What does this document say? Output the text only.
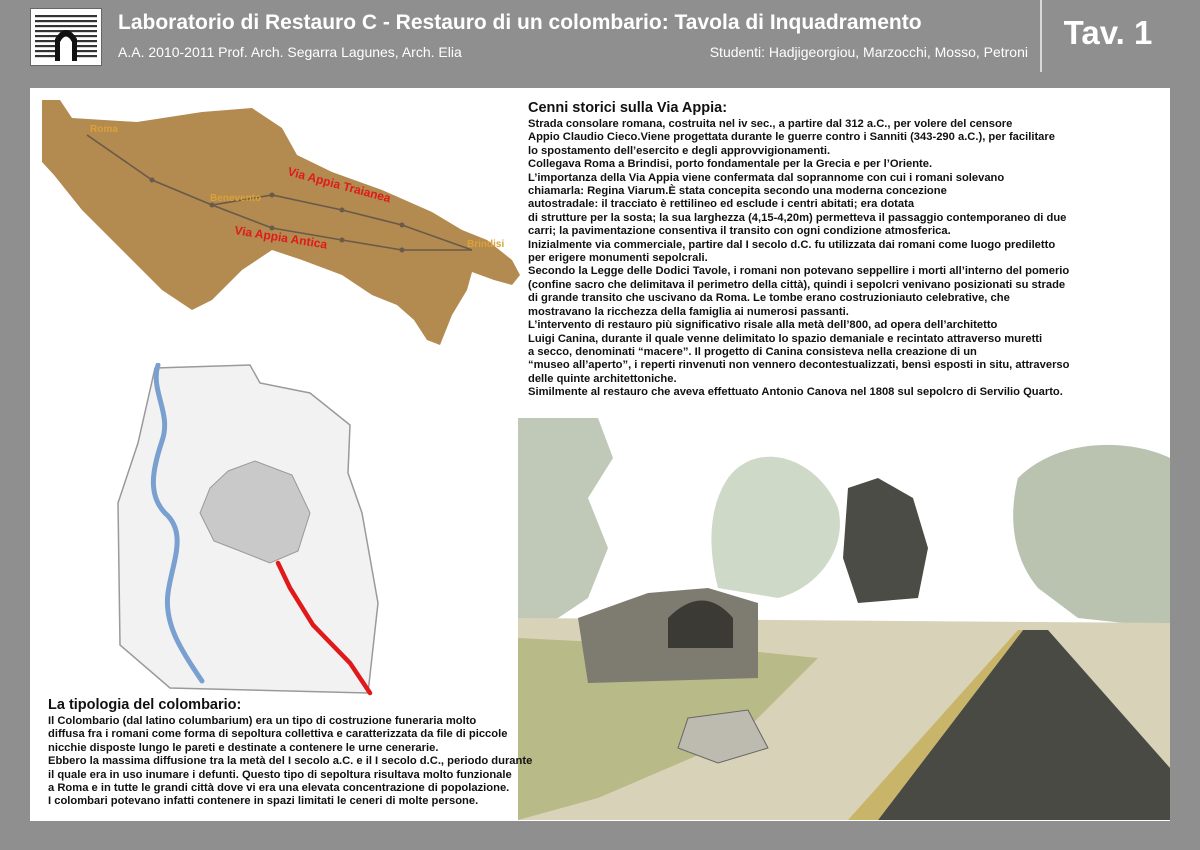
Laboratorio di Restauro C - Restauro di un colombario: Tavola di Inquadramento
A.A. 2010-2011 Prof. Arch. Segarra Lagunes, Arch. Elia	Studenti: Hadjigeorgiou, Marzocchi, Mosso, Petroni
Tav. 1
Roma
Benevento
Brindisi
Via Appia Traianea
Via Appia Antica
Cenni storici sulla Via Appia:

Strada consolare romana, costruita nel iv sec., a partire dal 312 a.C., per volere del censore

Appio Claudio Cieco.Viene progettata durante le guerre contro i Sanniti (343-290 a.C.), per facilitare

lo spostamento dell’esercito e degli approvvigionamenti.

Collegava Roma a Brindisi, porto fondamentale per la Grecia e per l’Oriente.

L’importanza della Via Appia viene confermata dal soprannome con cui i romani solevano

chiamarla: Regina Viarum.È stata concepita secondo una moderna concezione

autostradale: il tracciato è rettilineo ed esclude i centri abitati; era dotata

di strutture per la sosta; la sua larghezza (4,15-4,20m) permetteva il passaggio contemporaneo di due

carri; la pavimentazione consentiva il transito con ogni condizione atmosferica.

Inizialmente via commerciale, partire dal I secolo d.C. fu utilizzata dai romani come luogo prediletto

per erigere monumenti sepolcrali.

Secondo la Legge delle Dodici Tavole, i romani non potevano seppellire i morti all’interno del pomerio

(confine sacro che delimitava il perimetro della città), quindi i sepolcri venivano posizionati su strade

di grande transito che uscivano da Roma. Le tombe erano costruzioniauto celebrative, che

mostravano la ricchezza della famiglia ai numerosi passanti.

L’intervento di restauro più significativo risale alla metà dell’800, ad opera dell’architetto

Luigi Canina, durante il quale venne delimitato lo spazio demaniale e recintato attraverso muretti

a secco, denominati “macere”. Il progetto di Canina consisteva nella creazione di un

“museo all’aperto”, i reperti rinvenuti non vennero decontestualizzati, bensì esposti in situ, attraverso

delle quinte architettoniche.

Similmente al restauro che aveva effettuato Antonio Canova nel 1808 sul sepolcro di Servilio Quarto.

La tipologia del colombario:

Il Colombario (dal latino columbarium) era un tipo di costruzione funeraria molto

diffusa fra i romani come forma di sepoltura collettiva e caratterizzata da file di piccole

nicchie disposte lungo le pareti e destinate a contenere le urne cenerarie.

Ebbero la massima diffusione tra la metà del I secolo a.C. e il I secolo d.C., periodo durante

il quale era in uso inumare i defunti. Questo tipo di sepoltura risultava molto funzionale

a Roma e in tutte le grandi città dove vi era una elevata concentrazione di popolazione.

I colombari potevano infatti contenere in spazi limitati le ceneri di molte persone.
